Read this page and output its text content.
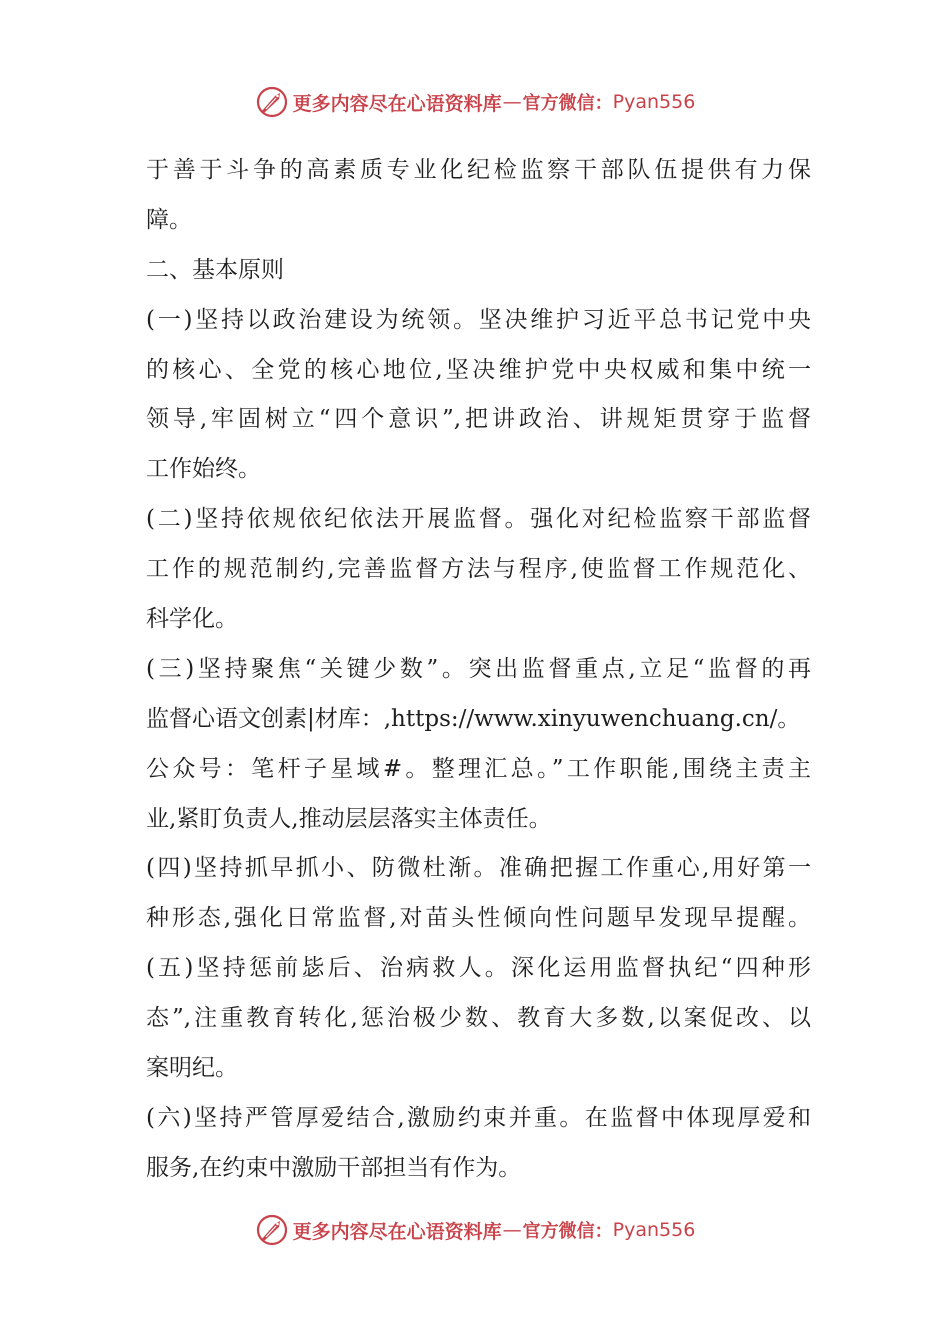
更多内容尽在心语资料库 — 官方微信： Pyan556
于善于斗争的高素质专业化纪检监察干部队伍提供有力保
障。
二、基本原则
(一)坚持以政治建设为统领。坚决维护习近平总书记党中央
的核心、全党的核心地位,坚决维护党中央权威和集中统一
领导,牢固树立“四个意识”,把讲政治、讲规矩贯穿于监督
工作始终。
(二)坚持依规依纪依法开展监督。强化对纪检监察干部监督
工作的规范制约,完善监督方法与程序,使监督工作规范化、
科学化。
(三)坚持聚焦“关键少数”。突出监督重点,立足“监督的再
监督心语文创素|材库：,https://www.xinyuwenchuang.cn/。
公众号：笔杆子星域#。整理汇总。”工作职能,围绕主责主
业,紧盯负责人,推动层层落实主体责任。
(四)坚持抓早抓小、防微杜渐。准确把握工作重心,用好第一
种形态,强化日常监督,对苗头性倾向性问题早发现早提醒。
(五)坚持惩前毖后、治病救人。深化运用监督执纪“四种形
态”,注重教育转化,惩治极少数、教育大多数,以案促改、以
案明纪。
(六)坚持严管厚爱结合,激励约束并重。在监督中体现厚爱和
服务,在约束中激励干部担当有作为。
更多内容尽在心语资料库 — 官方微信： Pyan556
